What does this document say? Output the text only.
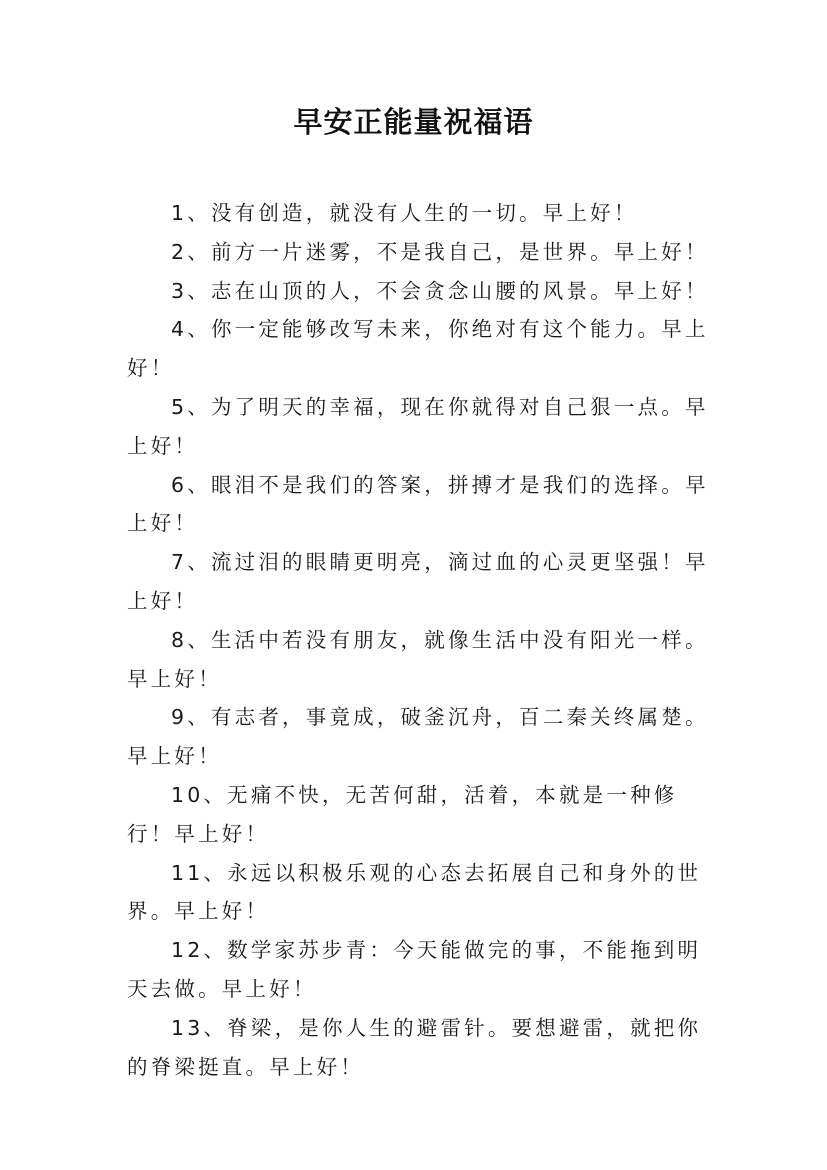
早安正能量祝福语

1、没有创造，就没有人生的一切。早上好！

2、前方一片迷雾，不是我自己，是世界。早上好！

3、志在山顶的人，不会贪念山腰的风景。早上好！

4、你一定能够改写未来，你绝对有这个能力。早上好！

5、为了明天的幸福，现在你就得对自己狠一点。早上好！

6、眼泪不是我们的答案，拼搏才是我们的选择。早上好！

7、流过泪的眼睛更明亮，滴过血的心灵更坚强！早上好！

8、生活中若没有朋友，就像生活中没有阳光一样。早上好！

9、有志者，事竟成，破釜沉舟，百二秦关终属楚。早上好！

10、无痛不快，无苦何甜，活着，本就是一种修行！早上好！

11、永远以积极乐观的心态去拓展自己和身外的世界。早上好！

12、数学家苏步青：今天能做完的事，不能拖到明天去做。早上好！

13、脊梁，是你人生的避雷针。要想避雷，就把你的脊梁挺直。早上好！
